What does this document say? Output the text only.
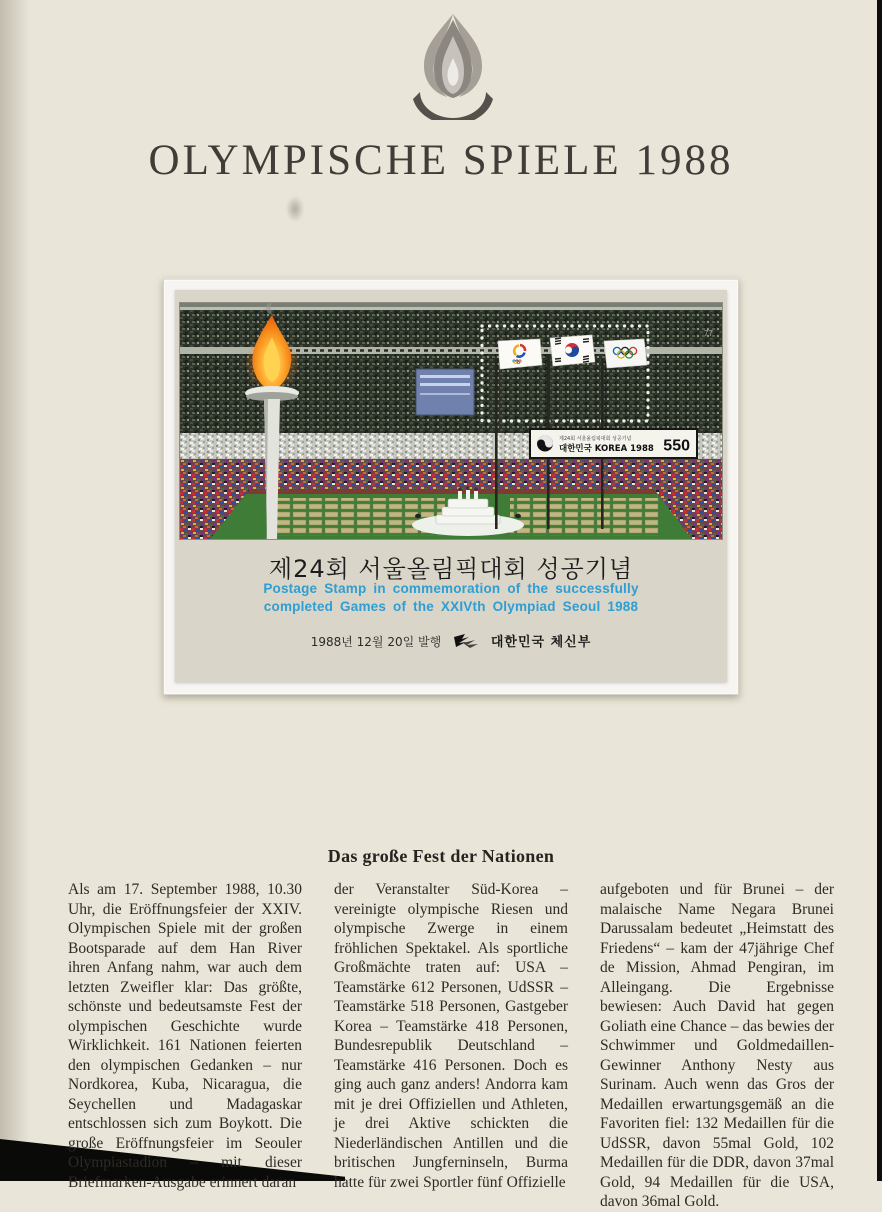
OLYMPISCHE SPIELE 1988
77
제24회 서울올림픽대회 성공기념
대한민국 KOREA 1988 550
제24회 서울올림픽대회 성공기념
Postage Stamp in commemoration of the successfully
completed Games of the XXIVth Olympiad Seoul 1988
1988년 12월 20일 발행	대한민국 체신부
Das große Fest der Nationen
Als am 17. September 1988, 10.30 Uhr, die Eröffnungsfeier der XXIV. Olympischen Spiele mit der großen Bootsparade auf dem Han River ihren Anfang nahm, war auch dem letzten Zweifler klar: Das größte, schönste und bedeutsamste Fest der olympischen Geschichte wurde Wirklichkeit. 161 Nationen feierten den olympischen Gedanken – nur Nordkorea, Kuba, Nicaragua, die Seychellen und Madagaskar entschlossen sich zum Boykott. Die große Eröffnungsfeier im Seouler Olympiastadion – mit dieser Briefmarken-Ausgabe erinnert daran
der Veranstalter Süd-Korea – vereinigte olympische Riesen und olympische Zwerge in einem fröhlichen Spektakel. Als sportliche Großmächte traten auf: USA – Teamstärke 612 Personen, UdSSR – Teamstärke 518 Personen, Gastgeber Korea – Teamstärke 418 Personen, Bundesrepublik Deutschland – Teamstärke 416 Personen. Doch es ging auch ganz anders! Andorra kam mit je drei Offiziellen und Athleten, je drei Aktive schickten die Niederländischen Antillen und die britischen Jungferninseln, Burma hatte für zwei Sportler fünf Offizielle
aufgeboten und für Brunei – der malaische Name Negara Brunei Darussalam bedeutet „Heimstatt des Friedens“ – kam der 47jährige Chef de Mission, Ahmad Pengiran, im Alleingang. Die Ergebnisse bewiesen: Auch David hat gegen Goliath eine Chance – das bewies der Schwimmer und Goldmedaillen-Gewinner Anthony Nesty aus Surinam. Auch wenn das Gros der Medaillen erwartungsgemäß an die Favoriten fiel: 132 Medaillen für die UdSSR, davon 55mal Gold, 102 Medaillen für die DDR, davon 37mal Gold, 94 Medaillen für die USA, davon 36mal Gold.
